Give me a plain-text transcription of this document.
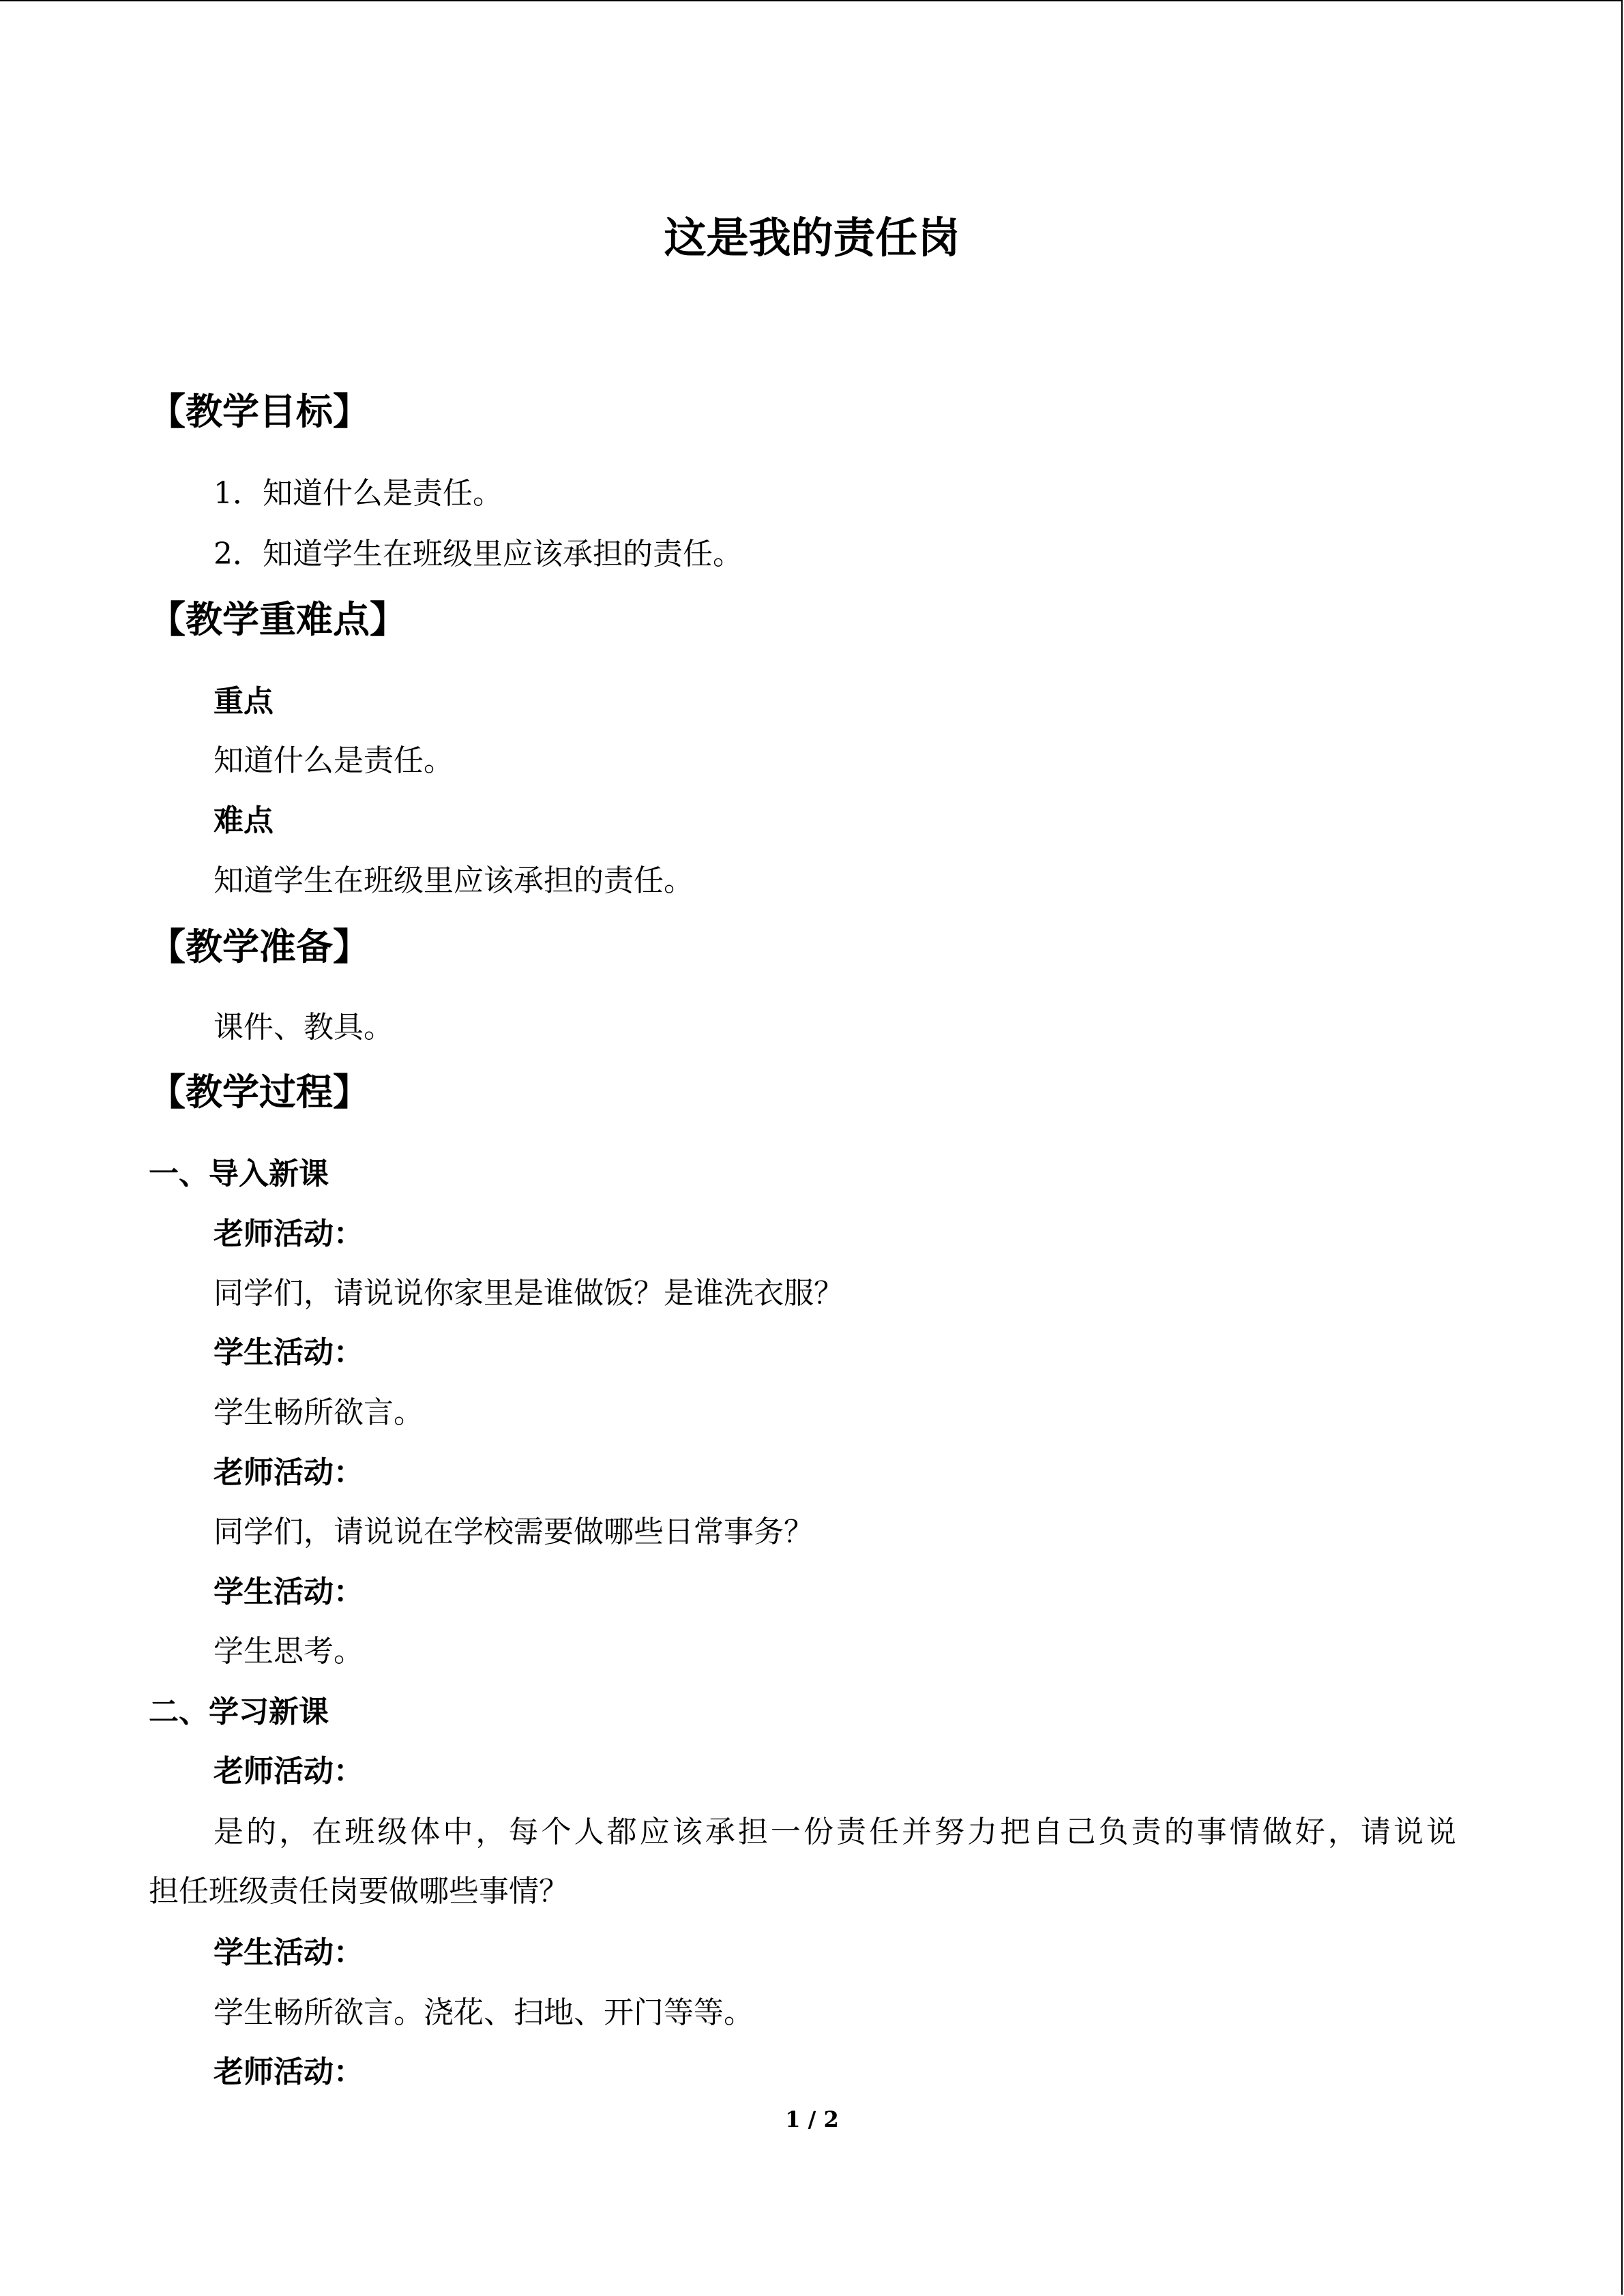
这是我的责任岗
【教学目标】
1．知道什么是责任。
2．知道学生在班级里应该承担的责任。
【教学重难点】
重点
知道什么是责任。
难点
知道学生在班级里应该承担的责任。
【教学准备】
课件、教具。
【教学过程】
一、导入新课
老师活动：
同学们，请说说你家里是谁做饭？是谁洗衣服？
学生活动：
学生畅所欲言。
老师活动：
同学们，请说说在学校需要做哪些日常事务？
学生活动：
学生思考。
二、学习新课
老师活动：
是的，在班级体中，每个人都应该承担一份责任并努力把自己负责的事情做好，请说说
担任班级责任岗要做哪些事情？
学生活动：
学生畅所欲言。浇花、扫地、开门等等。
老师活动：
1 / 2
